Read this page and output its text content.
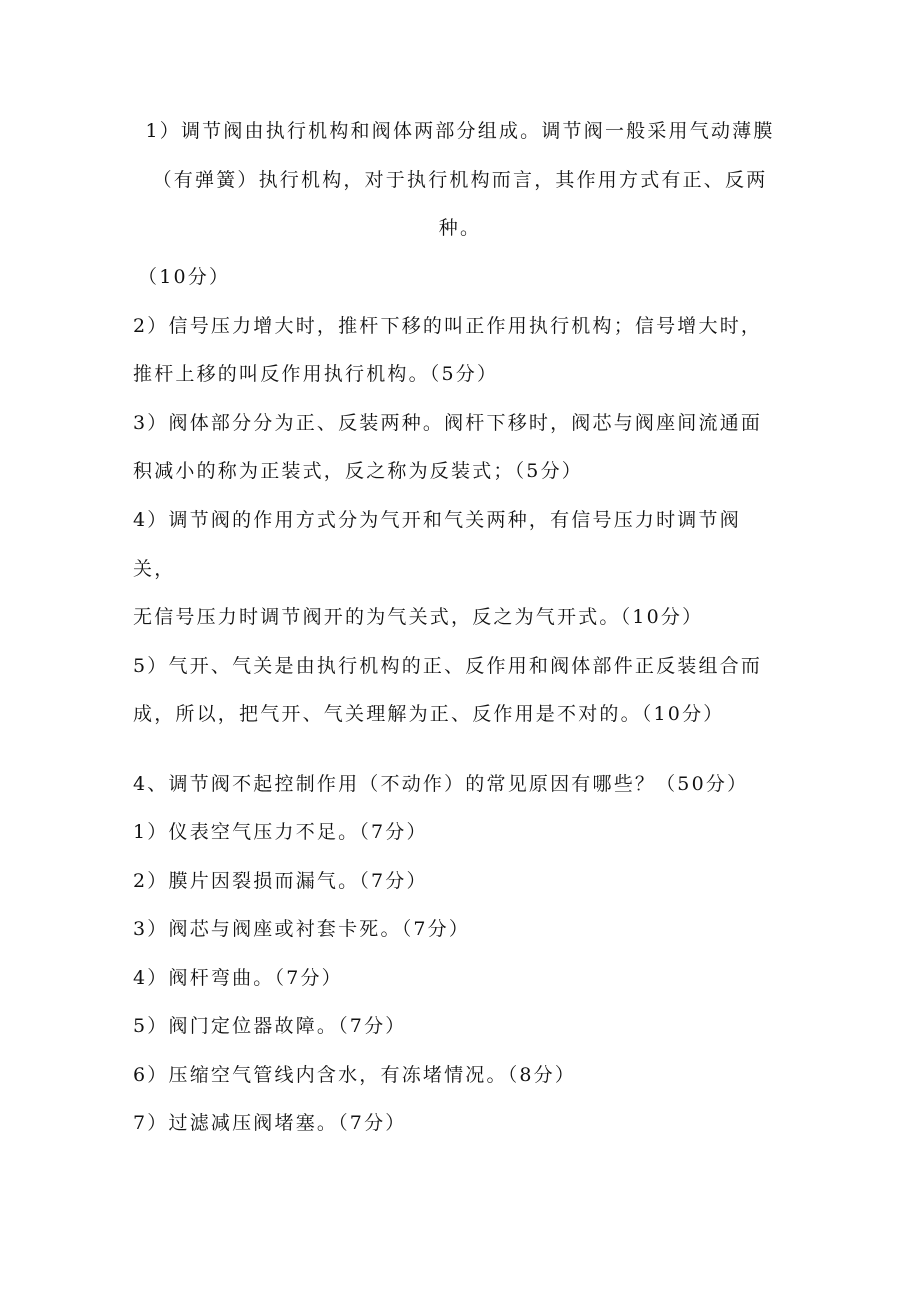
1）调节阀由执行机构和阀体两部分组成。调节阀一般采用气动薄膜
（有弹簧）执行机构，对于执行机构而言，其作用方式有正、反两
种。
（10分）
2）信号压力增大时，推杆下移的叫正作用执行机构；信号增大时，
推杆上移的叫反作用执行机构。（5分）
3）阀体部分分为正、反装两种。阀杆下移时，阀芯与阀座间流通面
积减小的称为正装式，反之称为反装式；（5分）
4）调节阀的作用方式分为气开和气关两种，有信号压力时调节阀
关，
无信号压力时调节阀开的为气关式，反之为气开式。（10分）
5）气开、气关是由执行机构的正、反作用和阀体部件正反装组合而
成，所以，把气开、气关理解为正、反作用是不对的。（10分）
4、调节阀不起控制作用（不动作）的常见原因有哪些？（50分）
1）仪表空气压力不足。（7分）
2）膜片因裂损而漏气。（7分）
3）阀芯与阀座或衬套卡死。（7分）
4）阀杆弯曲。（7分）
5）阀门定位器故障。（7分）
6）压缩空气管线内含水，有冻堵情况。（8分）
7）过滤减压阀堵塞。（7分）
